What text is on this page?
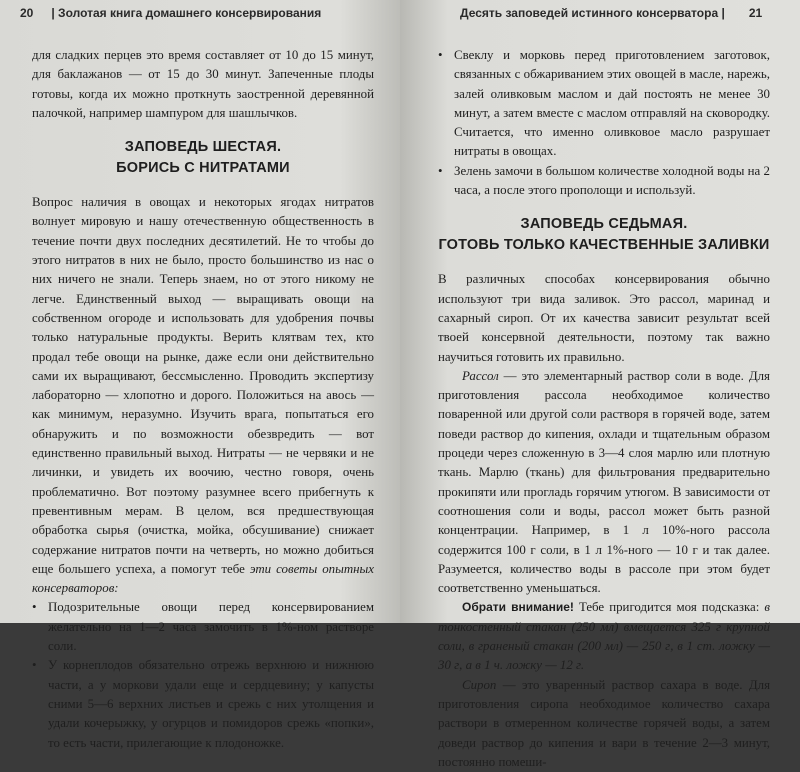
20 | Золотая книга домашнего консервирования

для сладких перцев это время составляет от 10 до 15 минут, для баклажанов — от 15 до 30 минут. Запеченные плоды готовы, когда их можно проткнуть заостренной деревянной палочкой, например шампуром для шашлычков.

ЗАПОВЕДЬ ШЕСТАЯ.
БОРИСЬ С НИТРАТАМИ

Вопрос наличия в овощах и некоторых ягодах нитратов волнует мировую и нашу отечественную общественность в течение почти двух последних десятилетий. Не то чтобы до этого нитратов в них не было, просто большинство из нас о них ничего не знали. Теперь знаем, но от этого никому не легче. Единственный выход — выращивать овощи на собственном огороде и использовать для удобрения почвы только натуральные продукты. Верить клятвам тех, кто продал тебе овощи на рынке, даже если они действительно сами их выращивают, бессмысленно. Проводить экспертизу лабораторно — хлопотно и дорого. Положиться на авось — как минимум, неразумно. Изучить врага, попытаться его обнаружить и по возможности обезвредить — вот единственно правильный выход. Нитраты — не червяки и не личинки, и увидеть их воочию, честно говоря, очень проблематично. Вот поэтому разумнее всего прибегнуть к превентивным мерам. В целом, вся предшествующая обработка сырья (очистка, мойка, обсушивание) снижает содержание нитратов почти на четверть, но можно добиться еще большего успеха, а помогут тебе эти советы опытных консерваторов:

• Подозрительные овощи перед консервированием желательно на 1—2 часа замочить в 1%-ном растворе соли.
• У корнеплодов обязательно отрежь верхнюю и нижнюю части, а у моркови удали еще и сердцевину; у капусты сними 5—6 верхних листьев и срежь с них утолщения и удали кочерыжку, у огурцов и помидоров срежь «попки», то есть части, прилегающие к плодоножке.
Десять заповедей истинного консерватора | 21
• Свеклу и морковь перед приготовлением заготовок, связанных с обжариванием этих овощей в масле, нарежь, залей оливковым маслом и дай постоять не менее 30 минут, а затем вместе с маслом отправляй на сковородку. Считается, что именно оливковое масло разрушает нитраты в овощах.
• Зелень замочи в большом количестве холодной воды на 2 часа, а после этого прополощи и используй.
ЗАПОВЕДЬ СЕДЬМАЯ.
ГОТОВЬ ТОЛЬКО КАЧЕСТВЕННЫЕ ЗАЛИВКИ

В различных способах консервирования обычно используют три вида заливок. Это рассол, маринад и сахарный сироп. От их качества зависит результат всей твоей консервной деятельности, поэтому так важно научиться готовить их правильно.

Рассол — это элементарный раствор соли в воде. Для приготовления рассола необходимое количество поваренной или другой соли растворя в горячей воде, затем поведи раствор до кипения, охлади и тщательным образом процеди через сложенную в 3—4 слоя марлю или плотную ткань. Марлю (ткань) для фильтрования предварительно прокипяти или прогладь горячим утюгом. В зависимости от соотношения соли и воды, рассол может быть разной концентрации. Например, в 1 л 10%-ного рассола содержится 100 г соли, в 1 л 1%-ного — 10 г и так далее. Разумеется, количество воды в рассоле при этом будет соответственно уменьшаться.

Обрати внимание! Тебе пригодится моя подсказка: в тонкостенный стакан (250 мл) вмещается 325 г крупной соли, в граненый стакан (200 мл) — 250 г, в 1 ст. ложку — 30 г, а в 1 ч. ложку — 12 г.

Сироп — это уваренный раствор сахара в воде. Для приготовления сиропа необходимое количество сахара раствори в отмеренном количестве горячей воды, а затем доведи раствор до кипения и вари в течение 2—3 минут, постоянно помеши-
